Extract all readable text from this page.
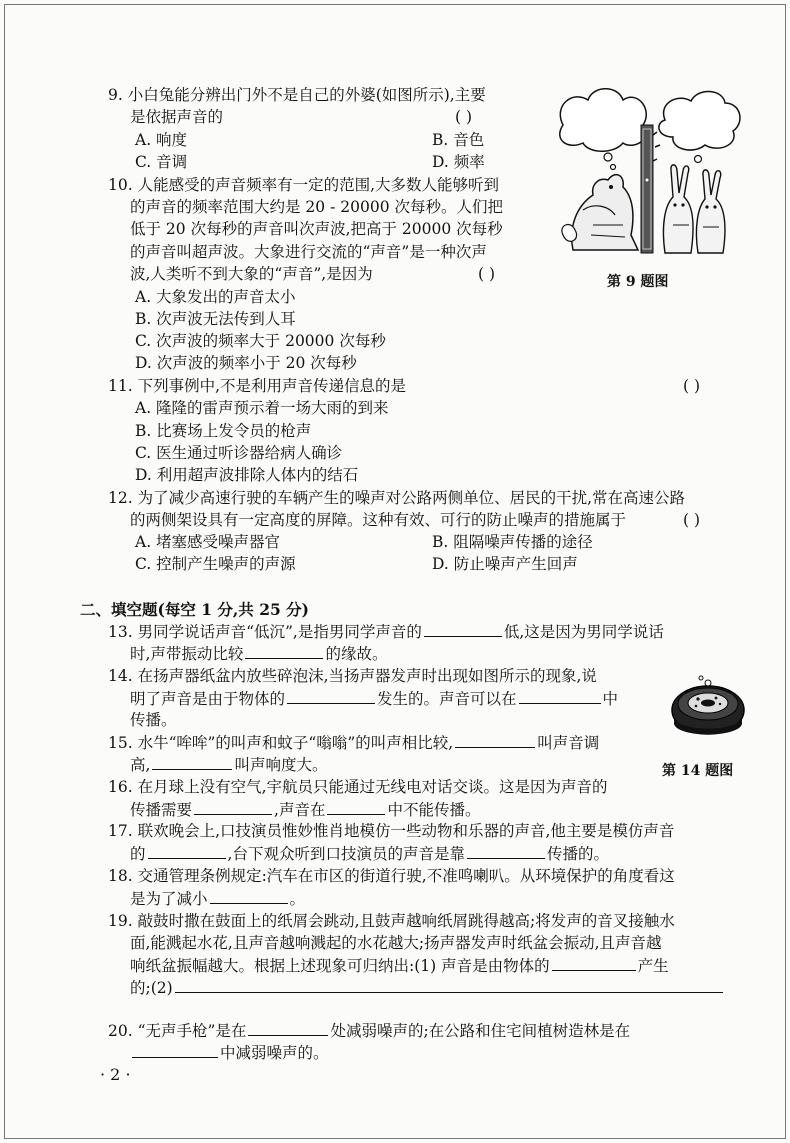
9. 小白兔能分辨出门外不是自己的外婆(如图所示),主要
是依据声音的	( )
A. 响度	B. 音色
C. 音调	D. 频率
第 9 题图
10. 人能感受的声音频率有一定的范围,大多数人能够听到
的声音的频率范围大约是 20 - 20000 次每秒。人们把
低于 20 次每秒的声音叫次声波,把高于 20000 次每秒
的声音叫超声波。大象进行交流的“声音”是一种次声
波,人类听不到大象的“声音”,是因为	( )
A. 大象发出的声音太小
B. 次声波无法传到人耳
C. 次声波的频率大于 20000 次每秒
D. 次声波的频率小于 20 次每秒
11. 下列事例中,不是利用声音传递信息的是	( )
A. 隆隆的雷声预示着一场大雨的到来
B. 比赛场上发令员的枪声
C. 医生通过听诊器给病人确诊
D. 利用超声波排除人体内的结石
12. 为了减少高速行驶的车辆产生的噪声对公路两侧单位、居民的干扰,常在高速公路
的两侧架设具有一定高度的屏障。这种有效、可行的防止噪声的措施属于	( )
A. 堵塞感受噪声器官	B. 阻隔噪声传播的途径
C. 控制产生噪声的声源	D. 防止噪声产生回声
二、填空题(每空 1 分,共 25 分)
13. 男同学说话声音“低沉”,是指男同学声音的	低,这是因为男同学说话
时,声带振动比较	的缘故。
14. 在扬声器纸盆内放些碎泡沫,当扬声器发声时出现如图所示的现象,说
明了声音是由于物体的	发生的。声音可以在	中
传播。
第 14 题图
15. 水牛“哞哞”的叫声和蚊子“嗡嗡”的叫声相比较,	叫声音调
高,	叫声响度大。
16. 在月球上没有空气,宇航员只能通过无线电对话交谈。这是因为声音的
传播需要	,声音在	中不能传播。
17. 联欢晚会上,口技演员惟妙惟肖地模仿一些动物和乐器的声音,他主要是模仿声音
的	,台下观众听到口技演员的声音是靠	传播的。
18. 交通管理条例规定:汽车在市区的街道行驶,不准鸣喇叭。从环境保护的角度看这
是为了减小	。
19. 敲鼓时撒在鼓面上的纸屑会跳动,且鼓声越响纸屑跳得越高;将发声的音叉接触水
面,能溅起水花,且声音越响溅起的水花越大;扬声器发声时纸盆会振动,且声音越
响纸盆振幅越大。根据上述现象可归纳出:(1) 声音是由物体的	产生
的;(2)
20. “无声手枪”是在	处减弱噪声的;在公路和住宅间植树造林是在
中减弱噪声的。
· 2 ·
